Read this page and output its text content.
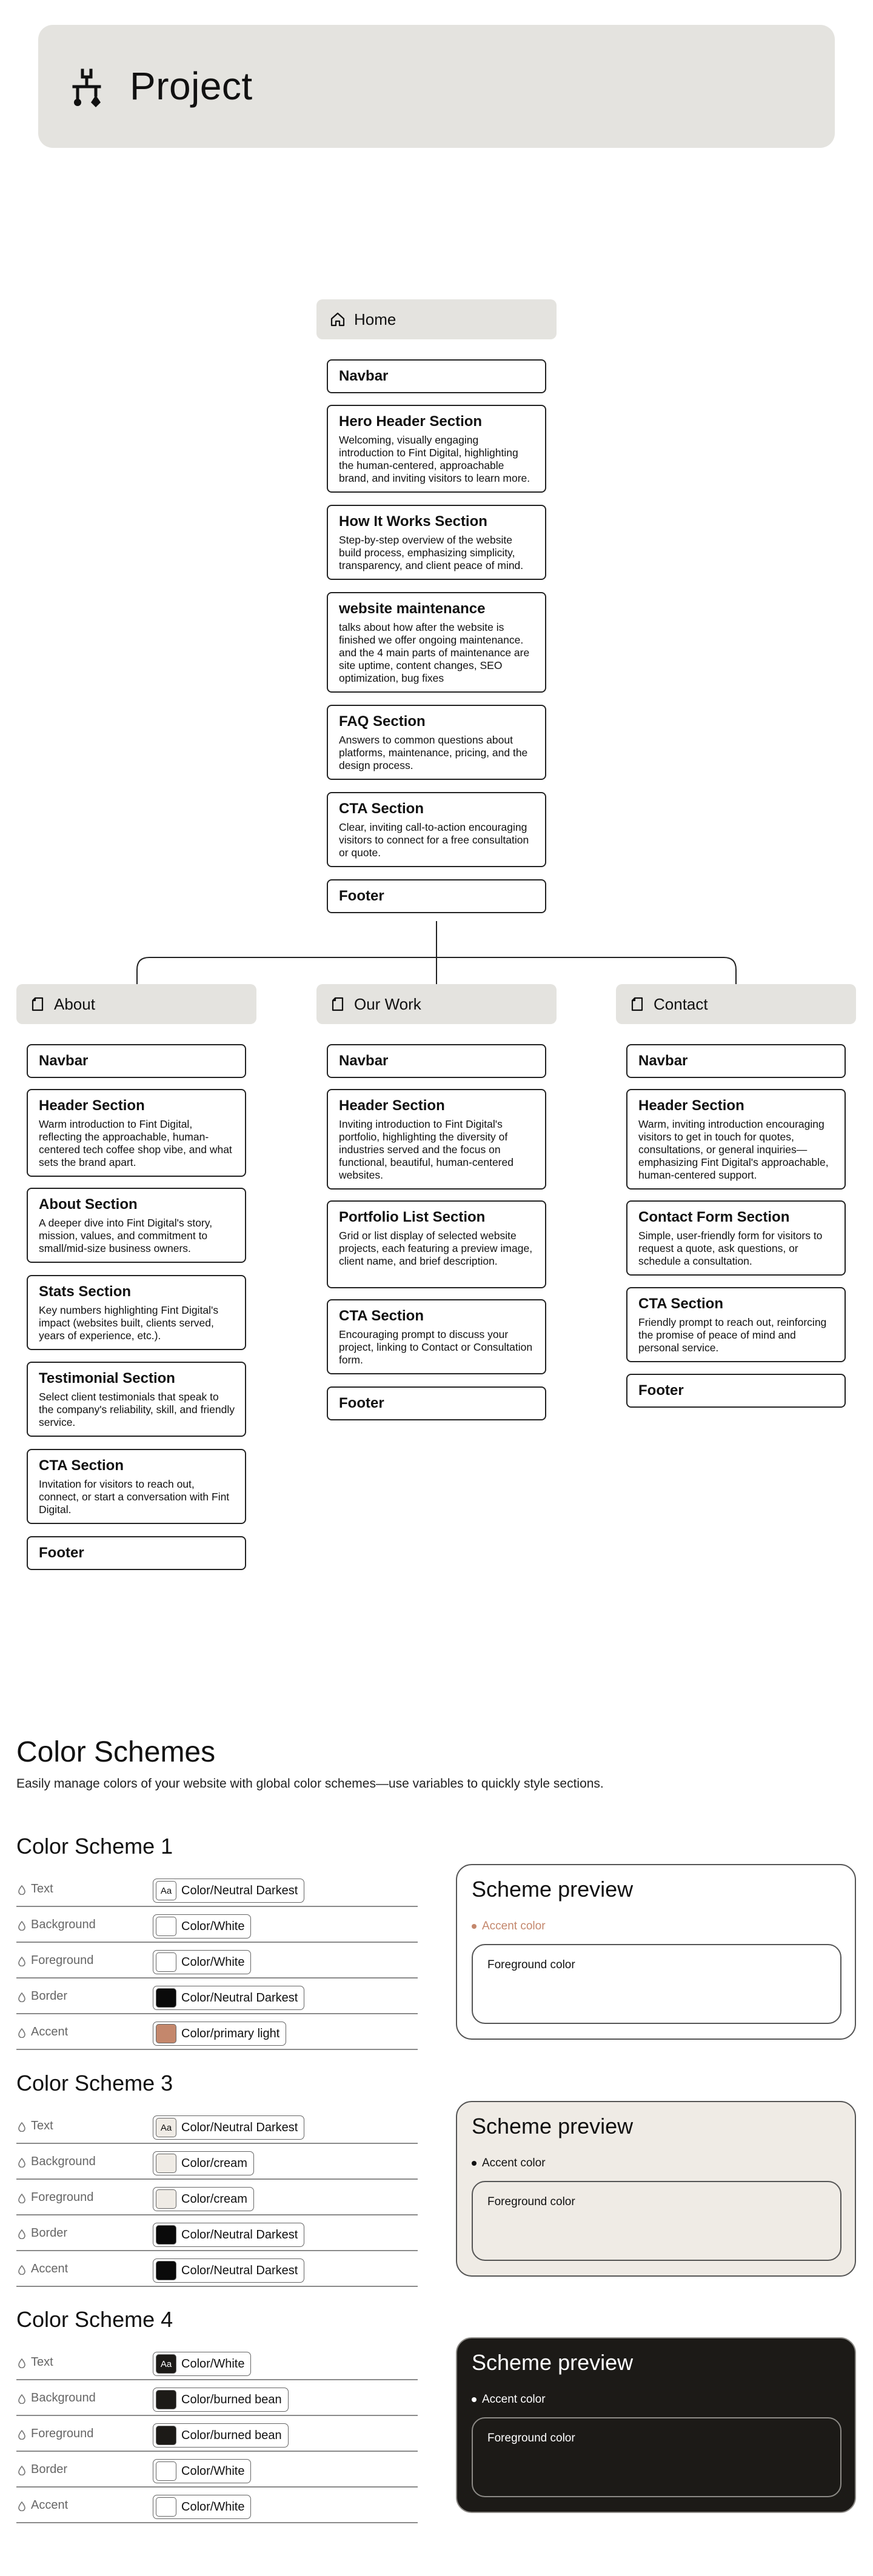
Project
Home
Navbar
Hero Header Section
Welcoming, visually engaging introduction to Fint Digital, highlighting the human-centered, approachable brand, and inviting visitors to learn more.
How It Works Section
Step-by-step overview of the website build process, emphasizing simplicity, transparency, and client peace of mind.
website maintenance
talks about how after the website is finished we offer ongoing maintenance. and the 4 main parts of maintenance are site uptime, content changes, SEO optimization, bug fixes
FAQ Section
Answers to common questions about platforms, maintenance, pricing, and the design process.
CTA Section
Clear, inviting call-to-action encouraging visitors to connect for a free consultation or quote.
Footer
About
Navbar
Header Section
Warm introduction to Fint Digital, reflecting the approachable, human-centered tech coffee shop vibe, and what sets the brand apart.
About Section
A deeper dive into Fint Digital's story, mission, values, and commitment to small/mid-size business owners.
Stats Section
Key numbers highlighting Fint Digital's impact (websites built, clients served, years of experience, etc.).
Testimonial Section
Select client testimonials that speak to the company's reliability, skill, and friendly service.
CTA Section
Invitation for visitors to reach out, connect, or start a conversation with Fint Digital.
Footer
Our Work
Navbar
Header Section
Inviting introduction to Fint Digital's portfolio, highlighting the diversity of industries served and the focus on functional, beautiful, human-centered websites.
Portfolio List Section
Grid or list display of selected website projects, each featuring a preview image, client name, and brief description.
CTA Section
Encouraging prompt to discuss your project, linking to Contact or Consultation form.
Footer
Contact
Navbar
Header Section
Warm, inviting introduction encouraging visitors to get in touch for quotes, consultations, or general inquiries—emphasizing Fint Digital's approachable, human-centered support.
Contact Form Section
Simple, user-friendly form for visitors to request a quote, ask questions, or schedule a consultation.
CTA Section
Friendly prompt to reach out, reinforcing the promise of peace of mind and personal service.
Footer
Color Schemes
Easily manage colors of your website with global color schemes—use variables to quickly style sections.
Color Scheme 1
Text	Aa Color/Neutral Darkest
Background	Color/White
Foreground	Color/White
Border	Color/Neutral Darkest
Accent	Color/primary light
Scheme preview
Accent color
Foreground color
Color Scheme 3
Text	Aa Color/Neutral Darkest
Background	Color/cream
Foreground	Color/cream
Border	Color/Neutral Darkest
Accent	Color/Neutral Darkest
Scheme preview
Accent color
Foreground color
Color Scheme 4
Text	Aa Color/White
Background	Color/burned bean
Foreground	Color/burned bean
Border	Color/White
Accent	Color/White
Scheme preview
Accent color
Foreground color
